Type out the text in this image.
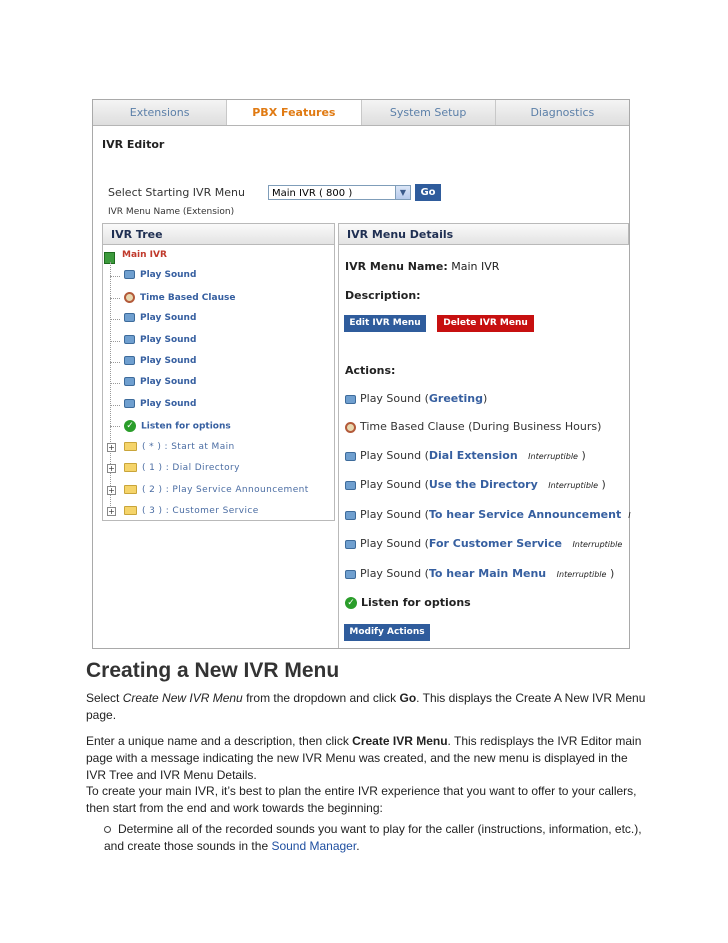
Extensions	PBX Features	System Setup	Diagnostics
IVR Editor
Select Starting IVR Menu	Main IVR ( 800 )	▼	Go
IVR Menu Name (Extension)
IVR Tree
Main IVR
Play Sound
Time Based Clause
Play Sound
Play Sound
Play Sound
Play Sound
Play Sound
✓ Listen for options
+	( * ) : Start at Main
+	( 1 ) : Dial Directory
+	( 2 ) : Play Service Announcement
+	( 3 ) : Customer Service
IVR Menu Details
IVR Menu Name: Main IVR
Description:
Edit IVR Menu	Delete IVR Menu
Actions:
Play Sound (Greeting)
Time Based Clause (During Business Hours)
Play Sound (Dial Extension Interruptible )
Play Sound (Use the Directory Interruptible )
Play Sound (To hear Service Announcement I
Play Sound (For Customer Service Interruptible
Play Sound (To hear Main Menu Interruptible )
✓ Listen for options
Modify Actions
Creating a New IVR Menu
Select Create New IVR Menu from the dropdown and click Go. This displays the Create A New IVR Menu page.
Enter a unique name and a description, then click Create IVR Menu. This redisplays the IVR Editor main page with a message indicating the new IVR Menu was created, and the new menu is displayed in the IVR Tree and IVR Menu Details.
To create your main IVR, it’s best to plan the entire IVR experience that you want to offer to your callers, then start from the end and work towards the beginning:
Determine all of the recorded sounds you want to play for the caller (instructions, information, etc.), and create those sounds in the Sound Manager.
